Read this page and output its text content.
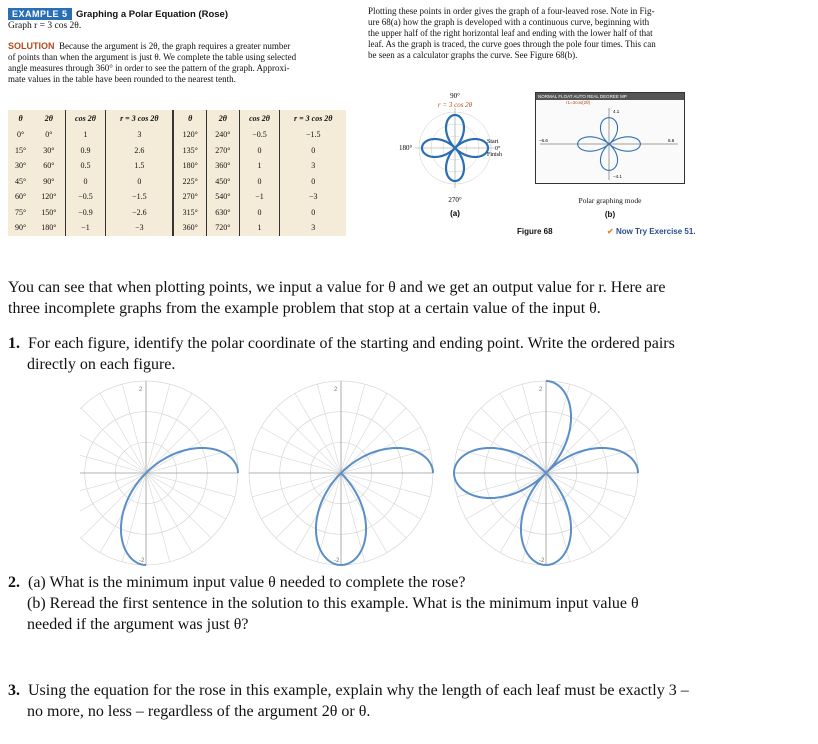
EXAMPLE 5 Graphing a Polar Equation (Rose)
Graph r = 3 cos 2θ.
SOLUTION Because the argument is 2θ, the graph requires a greater number
of points than when the argument is just θ. We complete the table using selected
angle measures through 360° in order to see the pattern of the graph. Approxi-
mate values in the table have been rounded to the nearest tenth.
θ	2θ	cos 2θ	r = 3 cos 2θ	θ	2θ	cos 2θ	r = 3 cos 2θ
0°	0°	1	3	120°	240°	−0.5	−1.5
15°	30°	0.9	2.6	135°	270°	0	0
30°	60°	0.5	1.5	180°	360°	1	3
45°	90°	0	0	225°	450°	0	0
60°	120°	−0.5	−1.5	270°	540°	−1	−3
75°	150°	−0.9	−2.6	315°	630°	0	0
90°	180°	−1	−3	360°	720°	1	3
Plotting these points in order gives the graph of a four-leaved rose. Note in Fig-
ure 68(a) how the graph is developed with a continuous curve, beginning with
the upper half of the right horizontal leaf and ending with the lower half of that
leaf. As the graph is traced, the curve goes through the pole four times. This can
be seen as a calculator graphs the curve. See Figure 68(b).
90°
r = 3 cos 2θ
180°	0°
Start
Finish
270°
(a)
NORMAL FLOAT AUTO REAL DEGREE MP
r1=3cos(2θ)
4.1
−4.1
−6.6	6.6
Polar graphing mode
(b)
Figure 68	✔ Now Try Exercise 51.
You can see that when plotting points, we input a value for θ and we get an output value for r. Here are
three incomplete graphs from the example problem that stop at a certain value of the input θ.
1. For each figure, identify the polar coordinate of the starting and ending point. Write the ordered pairs
directly on each figure.
2
-2
2
-2
2
-2
2. (a) What is the minimum input value θ needed to complete the rose?
(b) Reread the first sentence in the solution to this example. What is the minimum input value θ
needed if the argument was just θ?
3. Using the equation for the rose in this example, explain why the length of each leaf must be exactly 3 –
no more, no less – regardless of the argument 2θ or θ.
